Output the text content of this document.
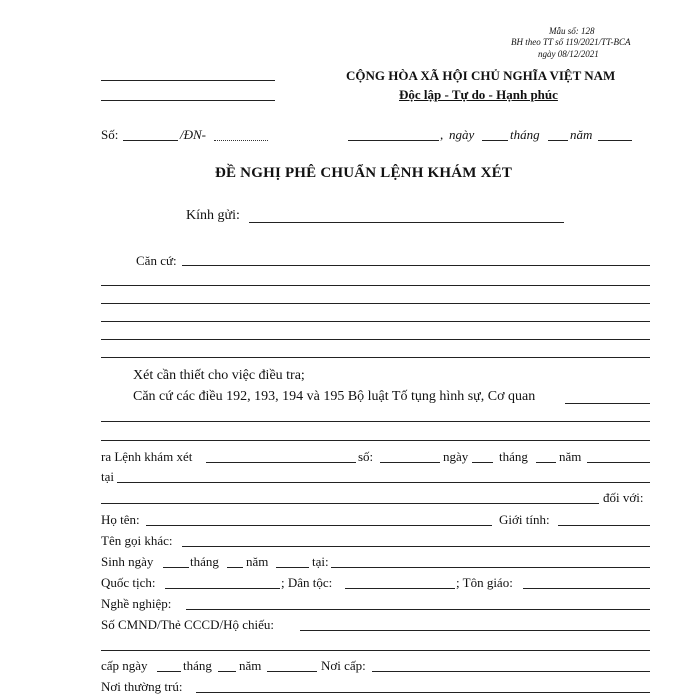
Mẫu số: 128
BH theo TT số 119/2021/TT-BCA
ngày 08/12/2021
CỘNG HÒA XÃ HỘI CHỦ NGHĨA VIỆT NAM
Độc lập - Tự do - Hạnh phúc
Số:	/ĐN-	, ngày	tháng năm
ĐỀ NGHỊ PHÊ CHUẨN LỆNH KHÁM XÉT
Kính gửi:
Căn cứ:
Xét cần thiết cho việc điều tra;
Căn cứ các điều 192, 193, 194 và 195 Bộ luật Tố tụng hình sự, Cơ quan
ra Lệnh khám xét	số:	ngày tháng năm
tại
đối với:
Họ tên:	Giới tính:
Tên gọi khác:
Sinh ngày	tháng năm	tại:
Quốc tịch:	; Dân tộc:	; Tôn giáo:
Nghề nghiệp:
Số CMND/Thẻ CCCD/Hộ chiếu:
cấp ngày	tháng năm	Nơi cấp:
Nơi thường trú:
